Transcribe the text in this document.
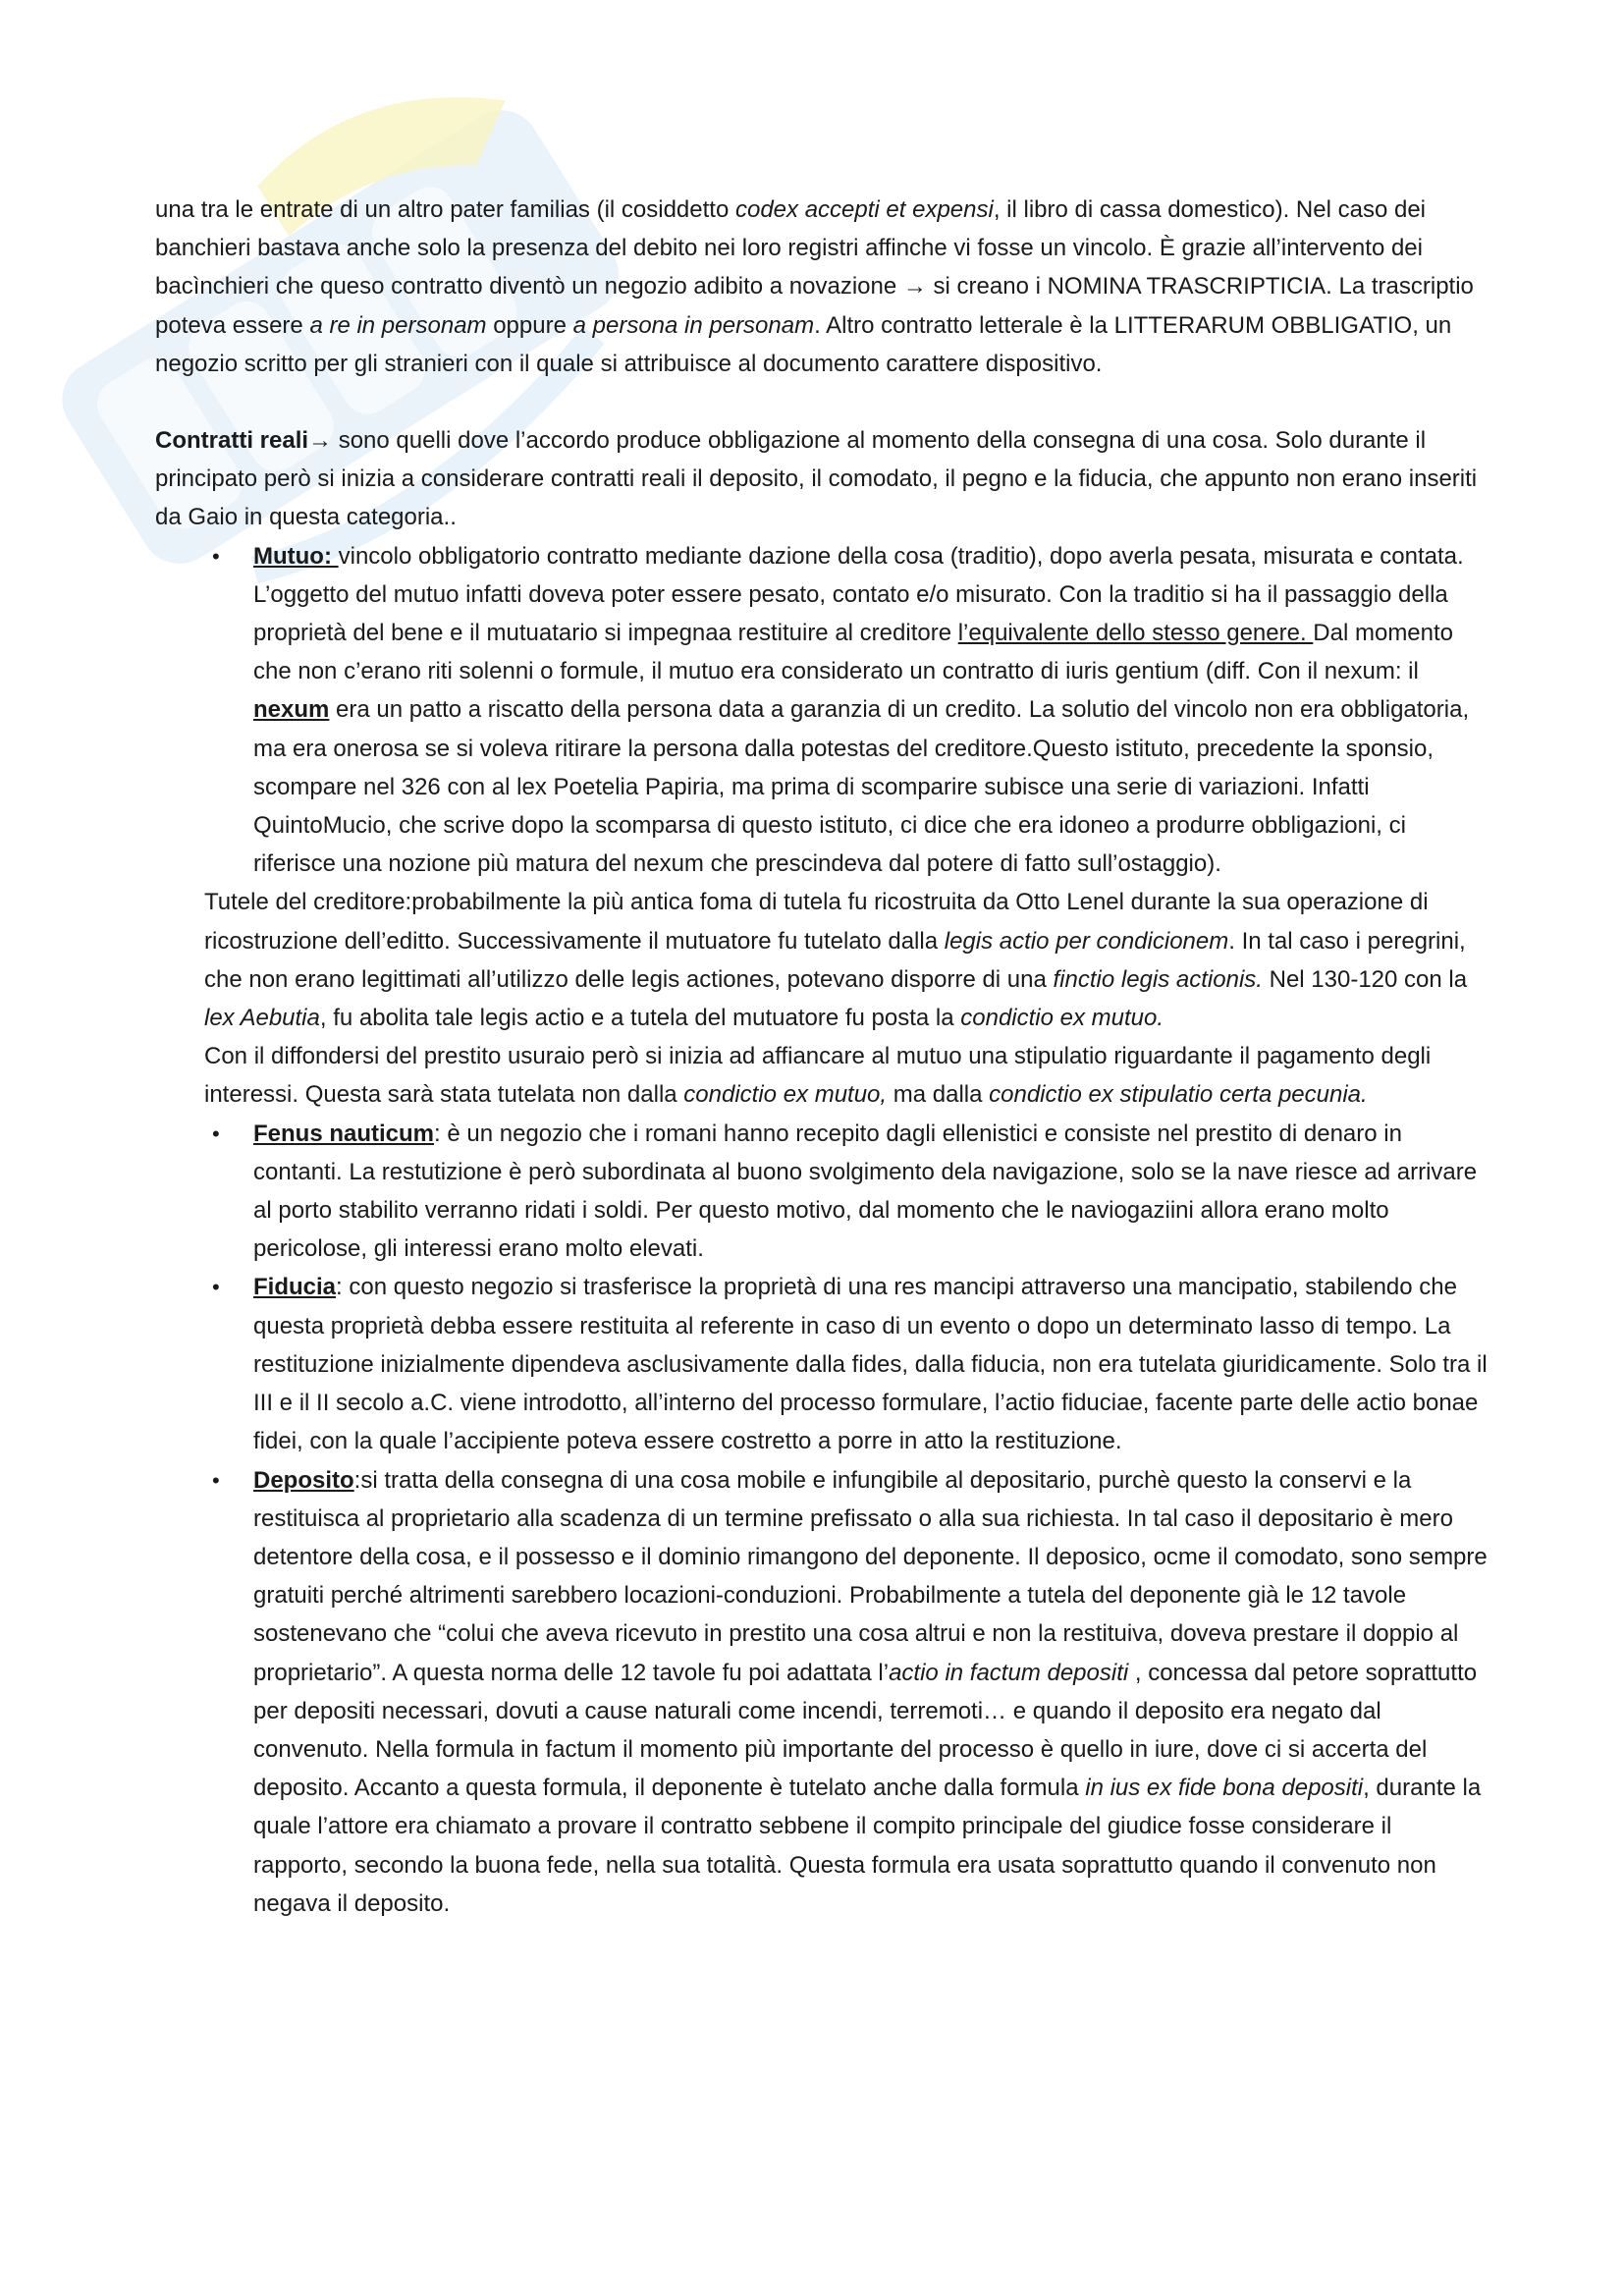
una tra le entrate di un altro pater familias (il cosiddetto codex accepti et expensi, il libro di cassa domestico). Nel caso dei banchieri bastava anche solo la presenza del debito nei loro registri affinche vi fosse un vincolo. È grazie all’intervento dei bacìnchieri che queso contratto diventò un negozio adibito a novazione → si creano i NOMINA TRASCRIPTICIA. La trascriptio poteva essere a re in personam oppure a persona in personam. Altro contratto letterale è la LITTERARUM OBBLIGATIO, un negozio scritto per gli stranieri con il quale si attribuisce al documento carattere dispositivo.

Contratti reali→ sono quelli dove l’accordo produce obbligazione al momento della consegna di una cosa. Solo durante il principato però si inizia a considerare contratti reali il deposito, il comodato, il pegno e la fiducia, che appunto non erano inseriti da Gaio in questa categoria..

• Mutuo: vincolo obbligatorio contratto mediante dazione della cosa (traditio), dopo averla pesata, misurata e contata. L’oggetto del mutuo infatti doveva poter essere pesato, contato e/o misurato. Con la traditio si ha il passaggio della proprietà del bene e il mutuatario si impegnaa restituire al creditore l’equivalente dello stesso genere. Dal momento che non c’erano riti solenni o formule, il mutuo era considerato un contratto di iuris gentium (diff. Con il nexum: il nexum era un patto a riscatto della persona data a garanzia di un credito. La solutio del vincolo non era obbligatoria, ma era onerosa se si voleva ritirare la persona dalla potestas del creditore.Questo istituto, precedente la sponsio, scompare nel 326 con al lex Poetelia Papiria, ma prima di scomparire subisce una serie di variazioni. Infatti QuintoMucio, che scrive dopo la scomparsa di questo istituto, ci dice che era idoneo a produrre obbligazioni, ci riferisce una nozione più matura del nexum che prescindeva dal potere di fatto sull’ostaggio).

Tutele del creditore:probabilmente la più antica foma di tutela fu ricostruita da Otto Lenel durante la sua operazione di ricostruzione dell’editto. Successivamente il mutuatore fu tutelato dalla legis actio per condicionem. In tal caso i peregrini, che non erano legittimati all’utilizzo delle legis actiones, potevano disporre di una finctio legis actionis. Nel 130-120 con la lex Aebutia, fu abolita tale legis actio e a tutela del mutuatore fu posta la condictio ex mutuo.

Con il diffondersi del prestito usuraio però si inizia ad affiancare al mutuo una stipulatio riguardante il pagamento degli interessi. Questa sarà stata tutelata non dalla condictio ex mutuo, ma dalla condictio ex stipulatio certa pecunia.

• Fenus nauticum: è un negozio che i romani hanno recepito dagli ellenistici e consiste nel prestito di denaro in contanti. La restutizione è però subordinata al buono svolgimento dela navigazione, solo se la nave riesce ad arrivare al porto stabilito verranno ridati i soldi. Per questo motivo, dal momento che le naviogaziini allora erano molto pericolose, gli interessi erano molto elevati.
• Fiducia: con questo negozio si trasferisce la proprietà di una res mancipi attraverso una mancipatio, stabilendo che questa proprietà debba essere restituita al referente in caso di un evento o dopo un determinato lasso di tempo. La restituzione inizialmente dipendeva asclusivamente dalla fides, dalla fiducia, non era tutelata giuridicamente. Solo tra il III e il II secolo a.C. viene introdotto, all’interno del processo formulare, l’actio fiduciae, facente parte delle actio bonae fidei, con la quale l’accipiente poteva essere costretto a porre in atto la restituzione.
• Deposito:si tratta della consegna di una cosa mobile e infungibile al depositario, purchè questo la conservi e la restituisca al proprietario alla scadenza di un termine prefissato o alla sua richiesta. In tal caso il depositario è mero detentore della cosa, e il possesso e il dominio rimangono del deponente. Il deposico, ocme il comodato, sono sempre gratuiti perché altrimenti sarebbero locazioni-conduzioni. Probabilmente a tutela del deponente già le 12 tavole sostenevano che “colui che aveva ricevuto in prestito una cosa altrui e non la restituiva, doveva prestare il doppio al proprietario”. A questa norma delle 12 tavole fu poi adattata l’actio in factum depositi , concessa dal petore soprattutto per depositi necessari, dovuti a cause naturali come incendi, terremoti… e quando il deposito era negato dal convenuto. Nella formula in factum il momento più importante del processo è quello in iure, dove ci si accerta del deposito. Accanto a questa formula, il deponente è tutelato anche dalla formula in ius ex fide bona depositi, durante la quale l’attore era chiamato a provare il contratto sebbene il compito principale del giudice fosse considerare il rapporto, secondo la buona fede, nella sua totalità. Questa formula era usata soprattutto quando il convenuto non negava il deposito.
